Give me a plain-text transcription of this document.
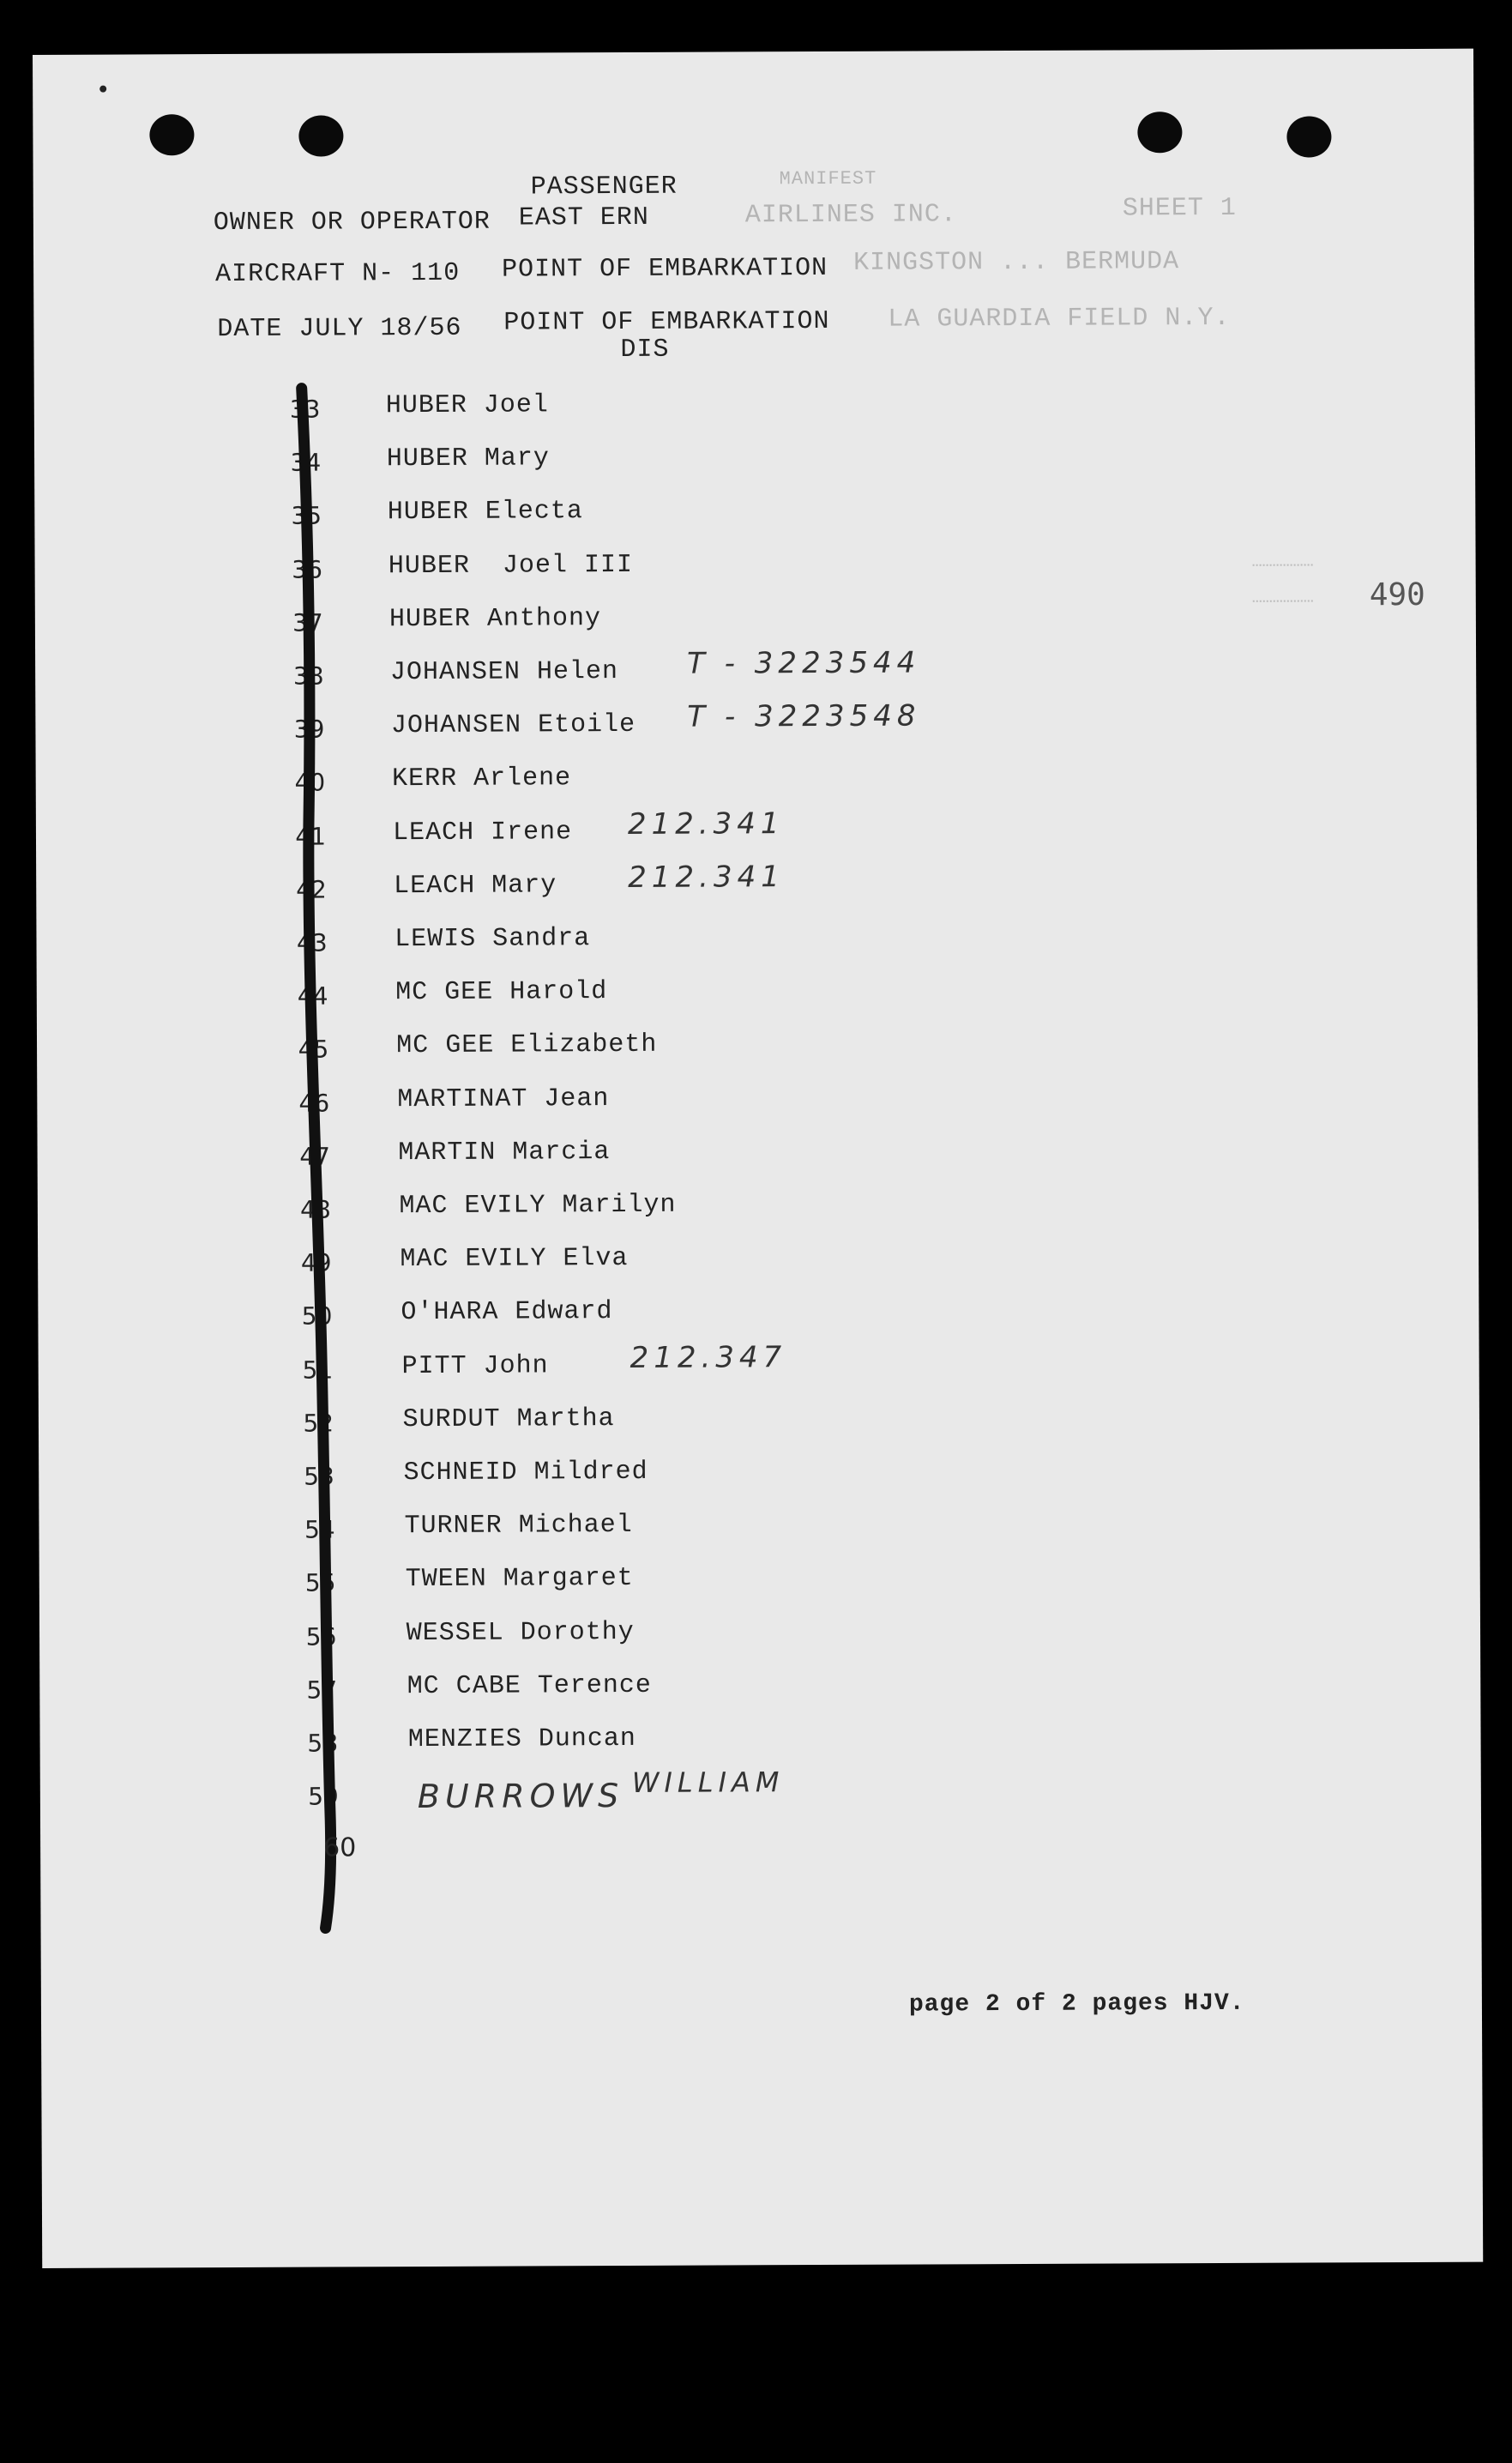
PASSENGER
OWNER OR OPERATOR EAST ERN
MANIFEST
AIRLINES INC.	SHEET 1
AIRCRAFT N- 110 POINT OF EMBARKATION KINGSTON ... BERMUDA
DATE JULY 18/56 POINT OF EMBARKATION
DIS
LA GUARDIA FIELD N.Y.
490
33	HUBER Joel
34	HUBER Mary
35	HUBER Electa
36	HUBER  Joel III
37	HUBER Anthony
38	JOHANSEN Helen T - 3223544
39	JOHANSEN Etoile T - 3223548
40	KERR Arlene
41	LEACH Irene 212.341
42	LEACH Mary 212.341
43	LEWIS Sandra
44	MC GEE Harold
45	MC GEE Elizabeth
46	MARTINAT Jean
47	MARTIN Marcia
48	MAC EVILY Marilyn
49	MAC EVILY Elva
50	O'HARA Edward
51	PITT John	212.347
52	SURDUT Martha
53	SCHNEID Mildred
54	TURNER Michael
55	TWEEN Margaret
56	WESSEL Dorothy
57	MC CABE Terence
58	MENZIES Duncan
59 BURROWS WILLIAM
60
page 2 of 2 pages HJV.
